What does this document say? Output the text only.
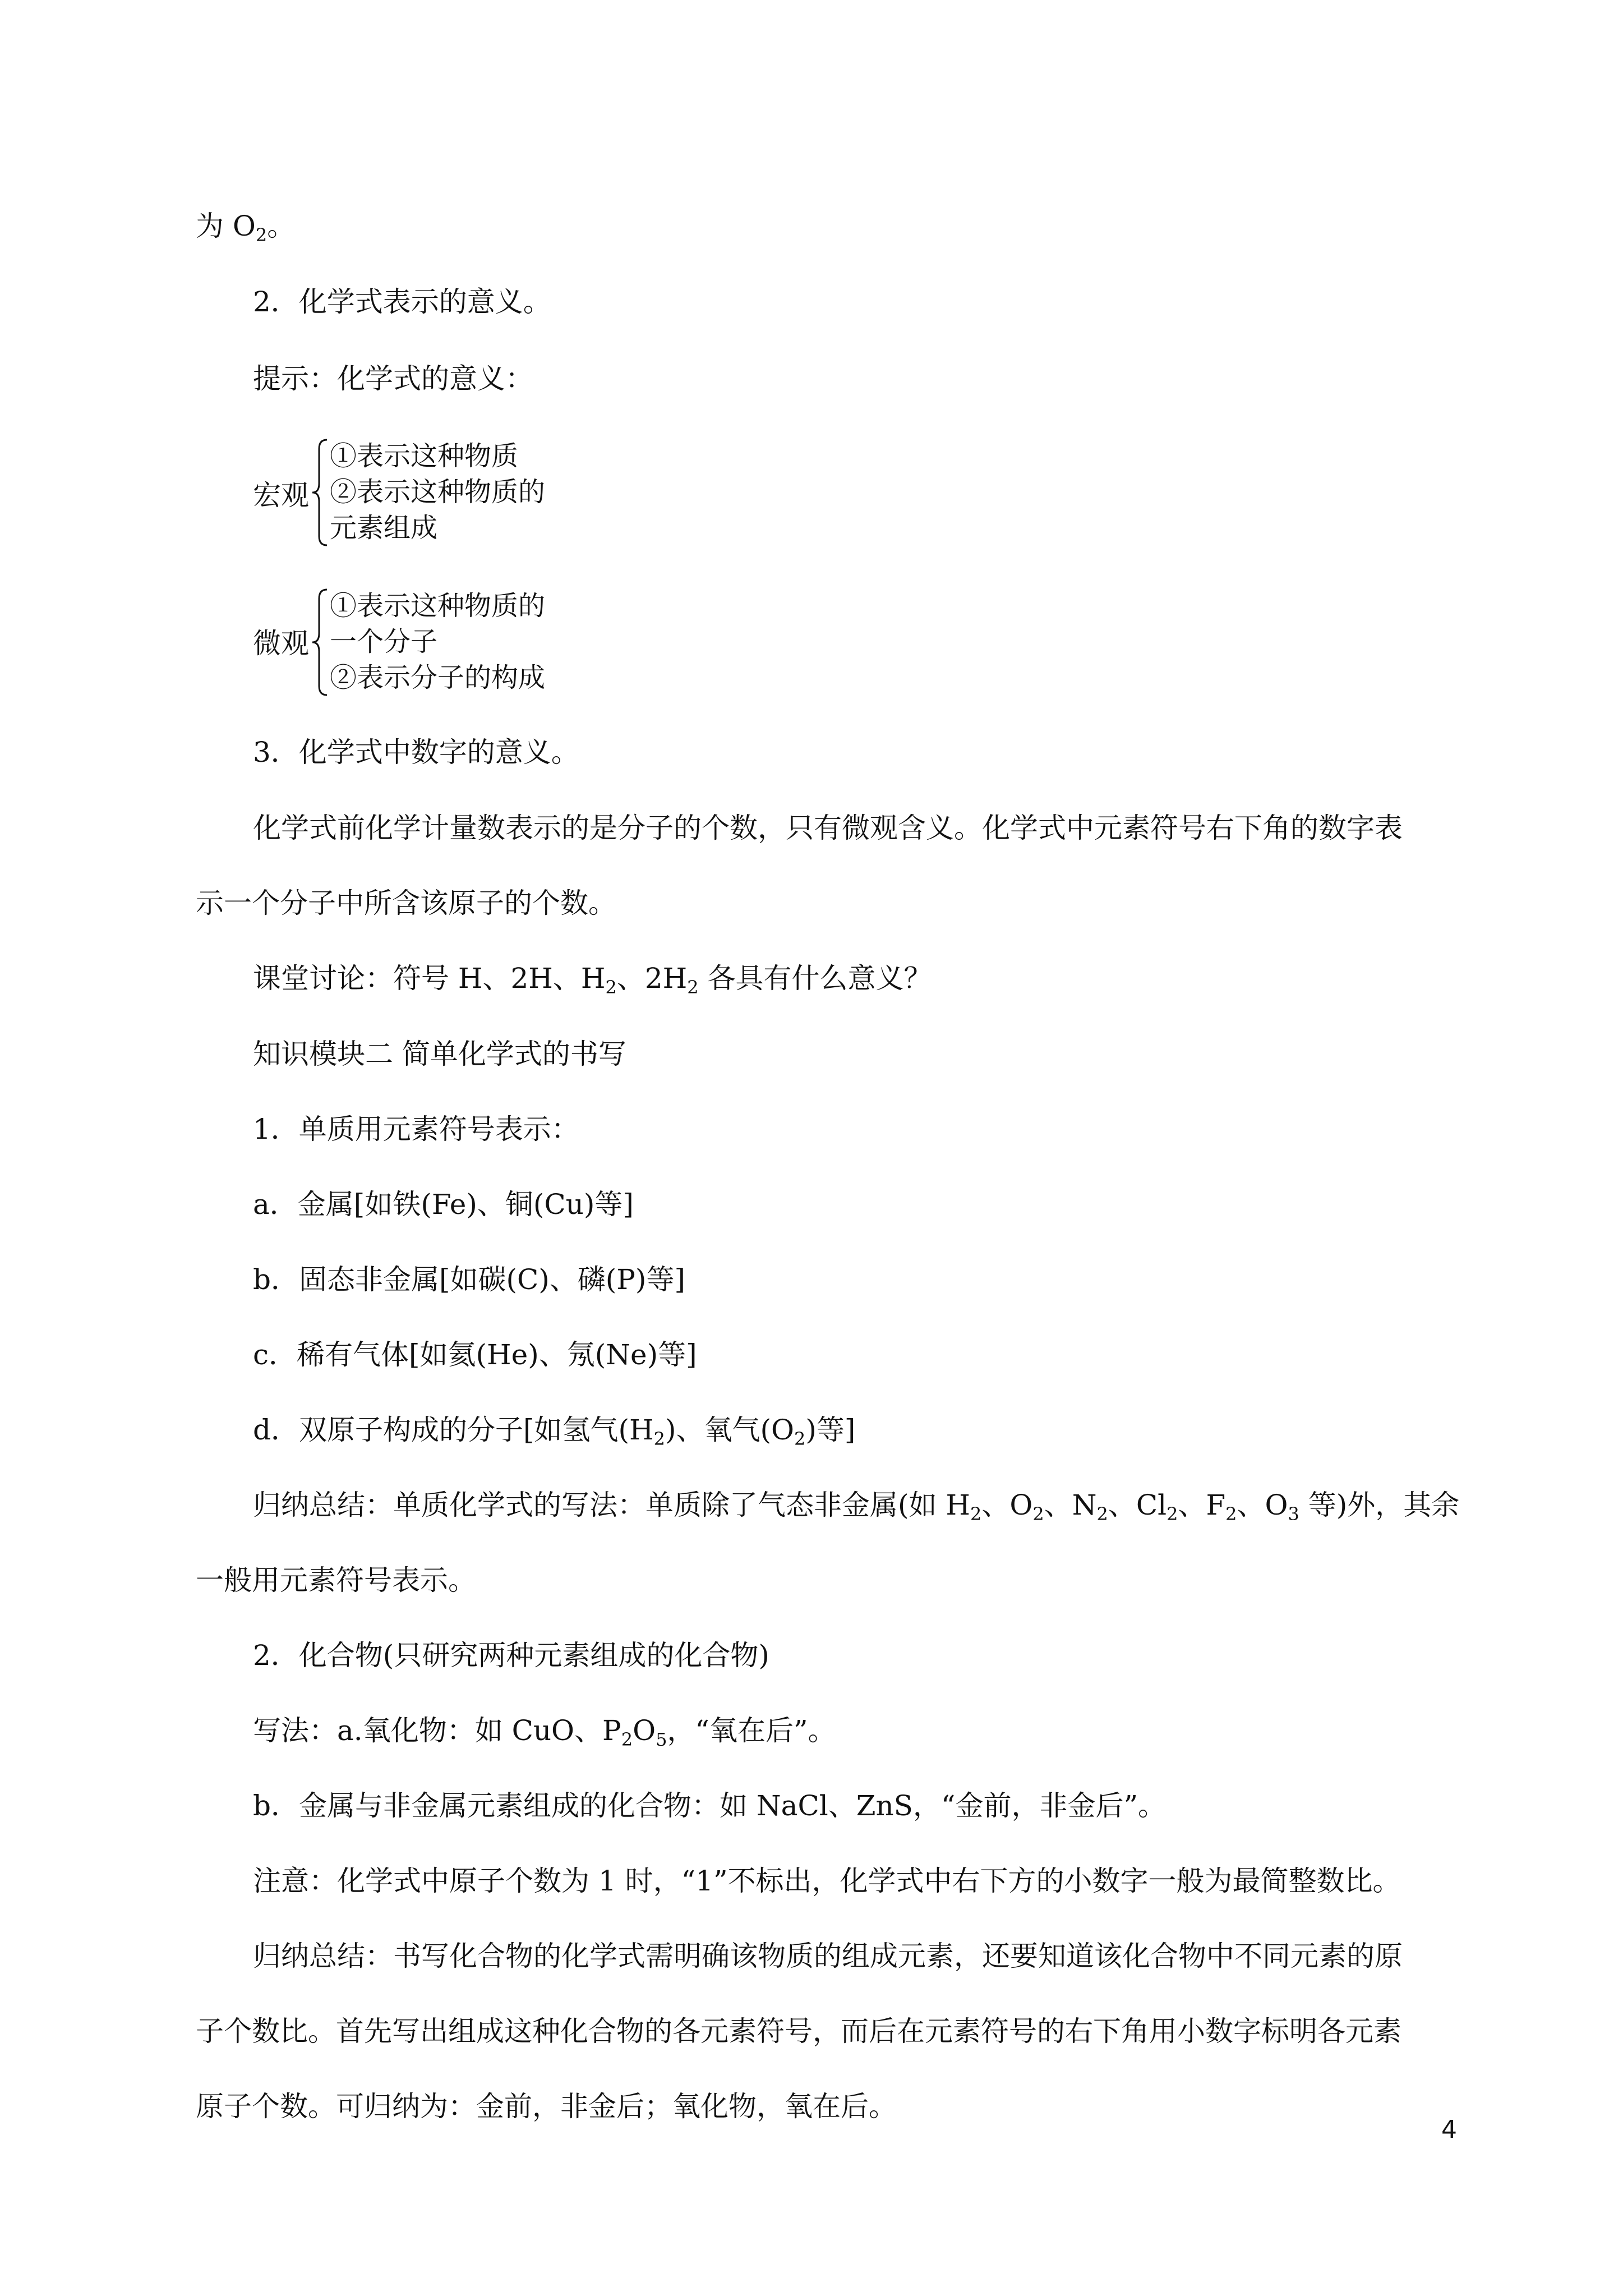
为 $O_2$。
2．化学式表示的意义。
提示：化学式的意义：
宏观
①表示这种物质
②表示这种物质的
元素组成
微观
①表示这种物质的
一个分子
②表示分子的构成
3．化学式中数字的意义。
化学式前化学计量数表示的是分子的个数，只有微观含义。化学式中元素符号右下角的数字表
示一个分子中所含该原子的个数。
课堂讨论：符号 H、2H、$H_2$、$2H_2$ 各具有什么意义？
知识模块二 简单化学式的书写
1．单质用元素符号表示：
a．金属[如铁(Fe)、铜(Cu)等]
b．固态非金属[如碳(C)、磷(P)等]
c．稀有气体[如氦(He)、氖(Ne)等]
d．双原子构成的分子[如氢气$(H_2)$、氧气$(O_2)$等]
归纳总结：单质化学式的写法：单质除了气态非金属(如 $H_2$、$O_2$、$N_2$、$Cl_2$、$F_2$、$O_3$ 等)外，其余
一般用元素符号表示。
2．化合物(只研究两种元素组成的化合物)
写法：a.氧化物：如 CuO、$P_2O_5$，“氧在后”。
b．金属与非金属元素组成的化合物：如 NaCl、ZnS，“金前，非金后”。
注意：化学式中原子个数为 1 时，“1”不标出，化学式中右下方的小数字一般为最简整数比。
归纳总结：书写化合物的化学式需明确该物质的组成元素，还要知道该化合物中不同元素的原
子个数比。首先写出组成这种化合物的各元素符号，而后在元素符号的右下角用小数字标明各元素
原子个数。可归纳为：金前，非金后；氧化物，氧在后。
4
